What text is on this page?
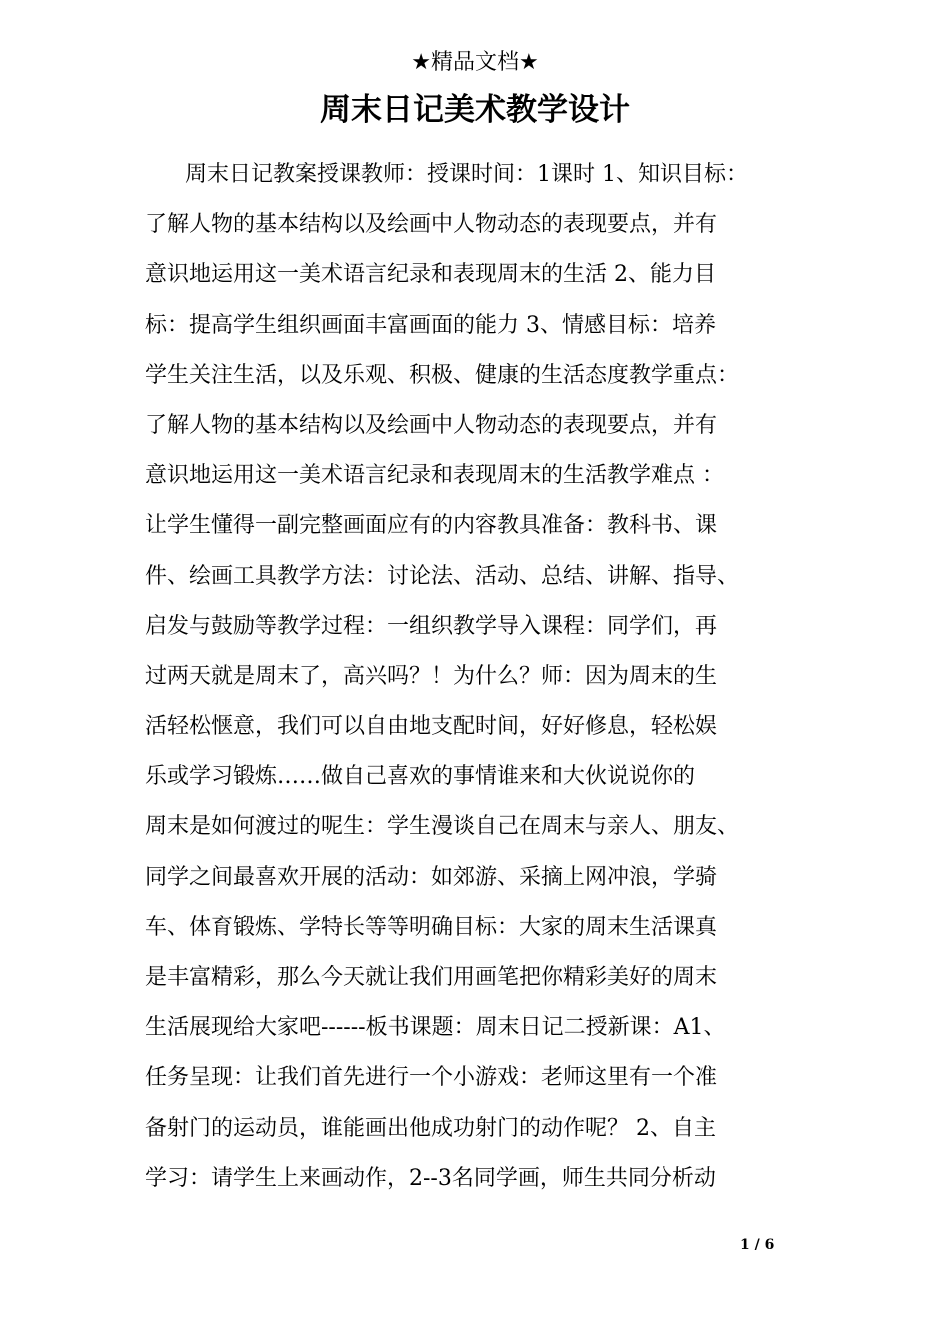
★精品文档★
周末日记美术教学设计
周末日记教案授课教师：授课时间：1课时 1、知识目标：
了解人物的基本结构以及绘画中人物动态的表现要点，并有
意识地运用这一美术语言纪录和表现周末的生活 2、能力目
标：提高学生组织画面丰富画面的能力 3、情感目标：培养
学生关注生活，以及乐观、积极、健康的生活态度教学重点：
了解人物的基本结构以及绘画中人物动态的表现要点，并有
意识地运用这一美术语言纪录和表现周末的生活教学难点 ：
让学生懂得一副完整画面应有的内容教具准备：教科书、课
件、绘画工具教学方法：讨论法、活动、总结、讲解、指导、
启发与鼓励等教学过程：一组织教学导入课程：同学们，再
过两天就是周末了，高兴吗？！为什么？师：因为周末的生
活轻松惬意，我们可以自由地支配时间，好好修息，轻松娱
乐或学习锻炼……做自己喜欢的事情谁来和大伙说说你的
周末是如何渡过的呢生：学生漫谈自己在周末与亲人、朋友、
同学之间最喜欢开展的活动：如郊游、采摘上网冲浪，学骑
车、体育锻炼、学特长等等明确目标：大家的周末生活课真
是丰富精彩，那么今天就让我们用画笔把你精彩美好的周末
生活展现给大家吧------板书课题：周末日记二授新课：A1、
任务呈现：让我们首先进行一个小游戏：老师这里有一个准
备射门的运动员，谁能画出他成功射门的动作呢？ 2、自主
学习：请学生上来画动作，2--3名同学画，师生共同分析动
1 / 6
